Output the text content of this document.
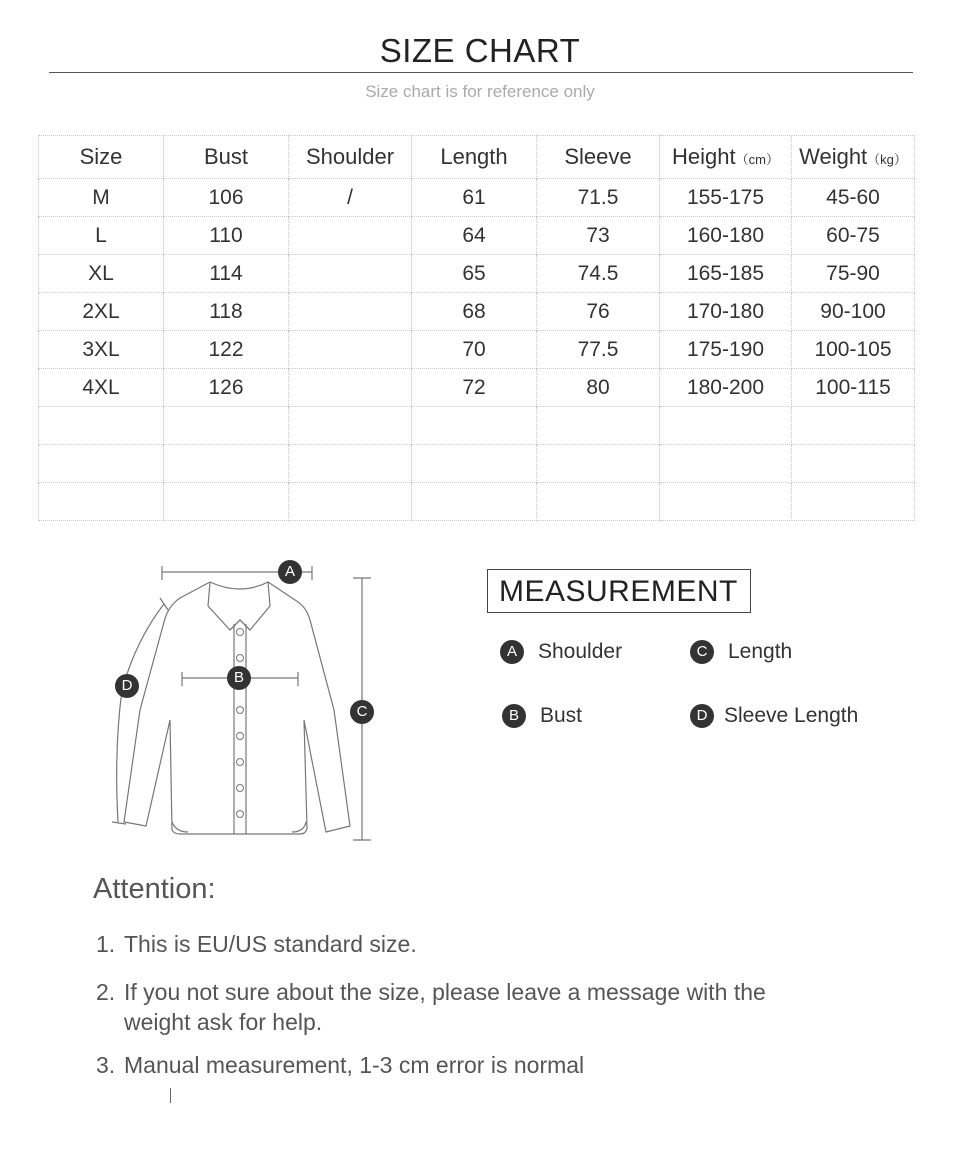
SIZE CHART
Size chart is for reference only
Size	Bust	Shoulder	Length	Sleeve	Height（cm）	Weight（kg）
M	106	/	61	71.5	155-175	45-60
L	110		64	73	160-180	60-75
XL	114		65	74.5	165-185	75-90
2XL	118		68	76	170-180	90-100
3XL	122		70	77.5	175-190	100-105
4XL	126		72	80	180-200	100-115

A
B
C
D
MEASUREMENT
A	Shoulder	C Length
B	Bust	D Sleeve Length
Attention:
1. This is EU/US standard size.
2. If you not sure about the size, please leave a message with the
weight ask for help.
3. Manual measurement, 1-3 cm error is normal
